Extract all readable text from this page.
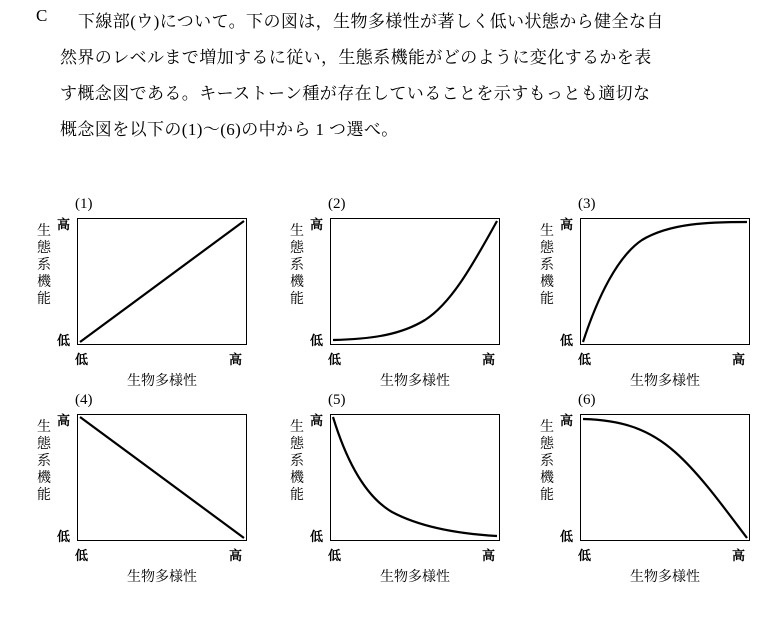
C 下線部(ウ)について。下の図は，生物多様性が著しく低い状態から健全な自
然界のレベルまで増加するに従い，生態系機能がどのように変化するかを表
す概念図である。キーストーン種が存在していることを示すもっとも適切な
概念図を以下の(1)～(6)の中から 1 つ選べ。
(1)
高
低
生
態
系
機
能
低	高
生物多様性
(2)
高
低
生
態
系
機
能
低	高
生物多様性
(3)
高
低
生
態
系
機
能
低	高
生物多様性
(4)
高
低
生
態
系
機
能
低	高
生物多様性
(5)
高
低
生
態
系
機
能
低	高
生物多様性
(6)
高
低
生
態
系
機
能
低	高
生物多様性
